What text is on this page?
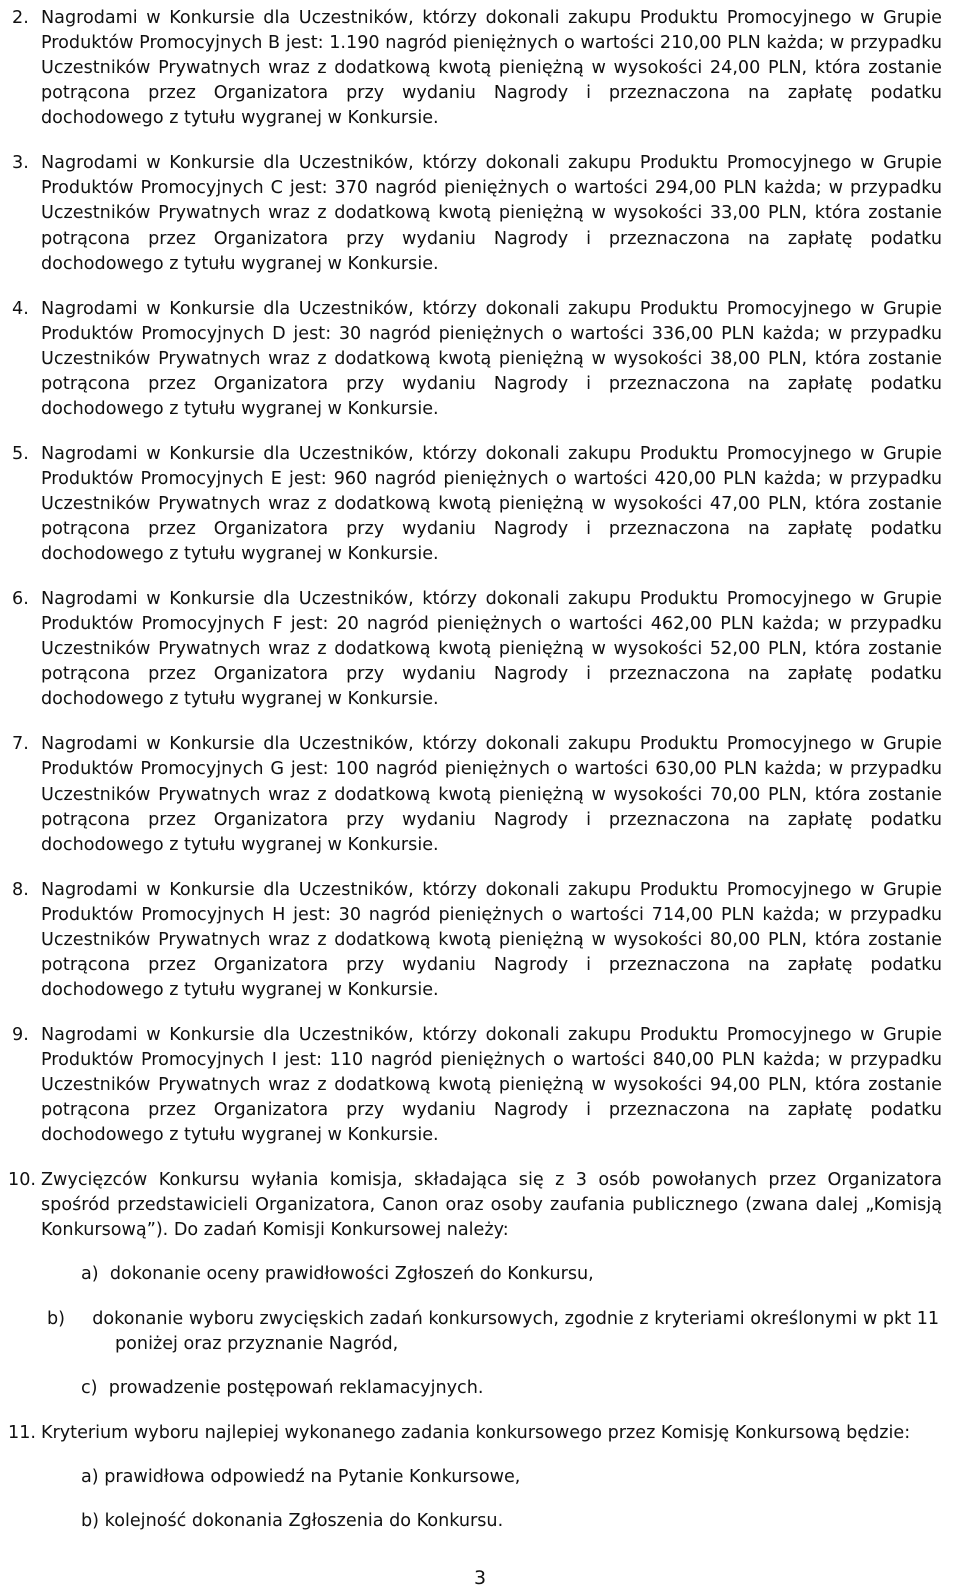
2. Nagrodami w Konkursie dla Uczestników, którzy dokonali zakupu Produktu Promocyjnego w Grupie Produktów Promocyjnych B jest: 1.190 nagród pieniężnych o wartości 210,00 PLN każda; w przypadku Uczestników Prywatnych wraz z dodatkową kwotą pieniężną w wysokości 24,00 PLN, która zostanie potrącona przez Organizatora przy wydaniu Nagrody i przeznaczona na zapłatę podatku dochodowego z tytułu wygranej w Konkursie.
3. Nagrodami w Konkursie dla Uczestników, którzy dokonali zakupu Produktu Promocyjnego w Grupie Produktów Promocyjnych C jest: 370 nagród pieniężnych o wartości 294,00 PLN każda; w przypadku Uczestników Prywatnych wraz z dodatkową kwotą pieniężną w wysokości 33,00 PLN, która zostanie potrącona przez Organizatora przy wydaniu Nagrody i przeznaczona na zapłatę podatku dochodowego z tytułu wygranej w Konkursie.
4. Nagrodami w Konkursie dla Uczestników, którzy dokonali zakupu Produktu Promocyjnego w Grupie Produktów Promocyjnych D jest: 30 nagród pieniężnych o wartości 336,00 PLN każda; w przypadku Uczestników Prywatnych wraz z dodatkową kwotą pieniężną w wysokości 38,00 PLN, która zostanie potrącona przez Organizatora przy wydaniu Nagrody i przeznaczona na zapłatę podatku dochodowego z tytułu wygranej w Konkursie.
5. Nagrodami w Konkursie dla Uczestników, którzy dokonali zakupu Produktu Promocyjnego w Grupie Produktów Promocyjnych E jest: 960 nagród pieniężnych o wartości 420,00 PLN każda; w przypadku Uczestników Prywatnych wraz z dodatkową kwotą pieniężną w wysokości 47,00 PLN, która zostanie potrącona przez Organizatora przy wydaniu Nagrody i przeznaczona na zapłatę podatku dochodowego z tytułu wygranej w Konkursie.
6. Nagrodami w Konkursie dla Uczestników, którzy dokonali zakupu Produktu Promocyjnego w Grupie Produktów Promocyjnych F jest: 20 nagród pieniężnych o wartości 462,00 PLN każda; w przypadku Uczestników Prywatnych wraz z dodatkową kwotą pieniężną w wysokości 52,00 PLN, która zostanie potrącona przez Organizatora przy wydaniu Nagrody i przeznaczona na zapłatę podatku dochodowego z tytułu wygranej w Konkursie.
7. Nagrodami w Konkursie dla Uczestników, którzy dokonali zakupu Produktu Promocyjnego w Grupie Produktów Promocyjnych G jest: 100 nagród pieniężnych o wartości 630,00 PLN każda; w przypadku Uczestników Prywatnych wraz z dodatkową kwotą pieniężną w wysokości 70,00 PLN, która zostanie potrącona przez Organizatora przy wydaniu Nagrody i przeznaczona na zapłatę podatku dochodowego z tytułu wygranej w Konkursie.
8. Nagrodami w Konkursie dla Uczestników, którzy dokonali zakupu Produktu Promocyjnego w Grupie Produktów Promocyjnych H jest: 30 nagród pieniężnych o wartości 714,00 PLN każda; w przypadku Uczestników Prywatnych wraz z dodatkową kwotą pieniężną w wysokości 80,00 PLN, która zostanie potrącona przez Organizatora przy wydaniu Nagrody i przeznaczona na zapłatę podatku dochodowego z tytułu wygranej w Konkursie.
9. Nagrodami w Konkursie dla Uczestników, którzy dokonali zakupu Produktu Promocyjnego w Grupie Produktów Promocyjnych I jest: 110 nagród pieniężnych o wartości 840,00 PLN każda; w przypadku Uczestników Prywatnych wraz z dodatkową kwotą pieniężną w wysokości 94,00 PLN, która zostanie potrącona przez Organizatora przy wydaniu Nagrody i przeznaczona na zapłatę podatku dochodowego z tytułu wygranej w Konkursie.
10. Zwycięzców Konkursu wyłania komisja, składająca się z 3 osób powołanych przez Organizatora spośród przedstawicieli Organizatora, Canon oraz osoby zaufania publicznego (zwana dalej „Komisją Konkursową”). Do zadań Komisji Konkursowej należy:
a) dokonanie oceny prawidłowości Zgłoszeń do Konkursu,
b) dokonanie wyboru zwycięskich zadań konkursowych, zgodnie z kryteriami określonymi w pkt 11 poniżej oraz przyznanie Nagród,
c) prowadzenie postępowań reklamacyjnych.
11. Kryterium wyboru najlepiej wykonanego zadania konkursowego przez Komisję Konkursową będzie:
a) prawidłowa odpowiedź na Pytanie Konkursowe,
b) kolejność dokonania Zgłoszenia do Konkursu.
3
